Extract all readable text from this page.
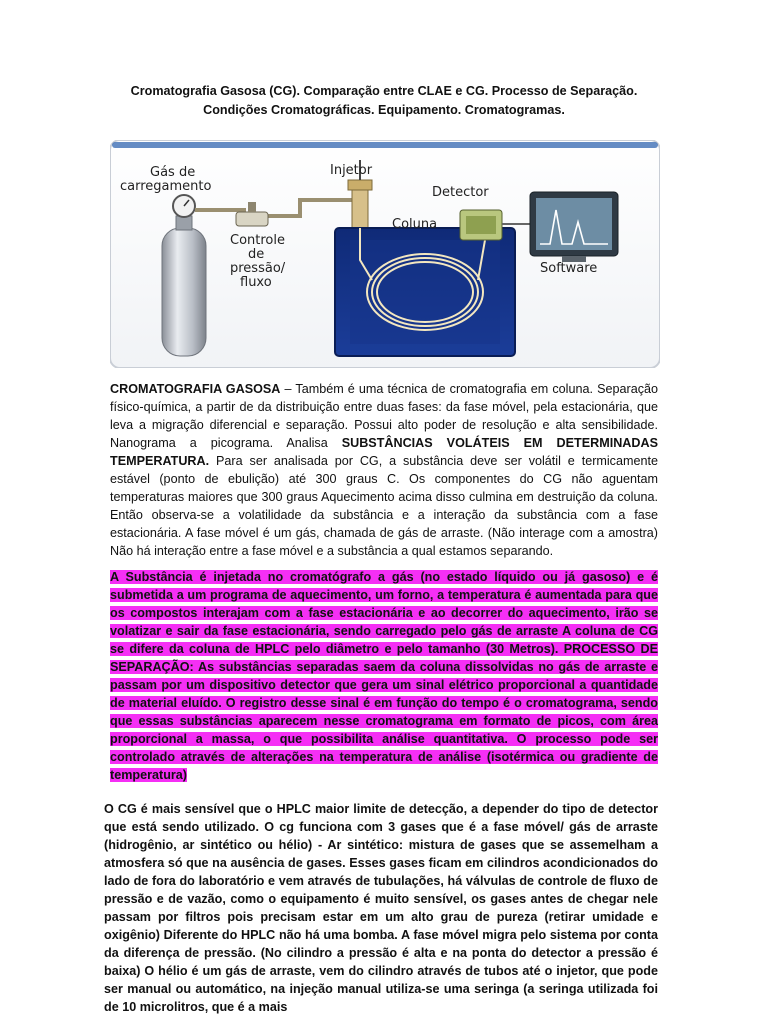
Cromatografia Gasosa (CG). Comparação entre CLAE e CG. Processo de Separação. Condições Cromatográficas. Equipamento. Cromatogramas.
Gás de
carregamento
Injetor
Detector
Coluna
Controle
de
pressão/
fluxo
Software

CROMATOGRAFIA GASOSA – Também é uma técnica de cromatografia em coluna. Separação físico-química, a partir de da distribuição entre duas fases: da fase móvel, pela estacionária, que leva a migração diferencial e separação. Possui alto poder de resolução e alta sensibilidade. Nanograma a picograma. Analisa SUBSTÂNCIAS VOLÁTEIS EM DETERMINADAS TEMPERATURA. Para ser analisada por CG, a substância deve ser volátil e termicamente estável (ponto de ebulição) até 300 graus C. Os componentes do CG não aguentam temperaturas maiores que 300 graus Aquecimento acima disso culmina em destruição da coluna. Então observa-se a volatilidade da substância e a interação da substância com a fase estacionária. A fase móvel é um gás, chamada de gás de arraste. (Não interage com a amostra) Não há interação entre a fase móvel e a substância a qual estamos separando.

A Substância é injetada no cromatógrafo a gás (no estado líquido ou já gasoso) e é submetida a um programa de aquecimento, um forno, a temperatura é aumentada para que os compostos interajam com a fase estacionária e ao decorrer do aquecimento, irão se volatizar e sair da fase estacionária, sendo carregado pelo gás de arraste A coluna de CG se difere da coluna de HPLC pelo diâmetro e pelo tamanho (30 Metros). PROCESSO DE SEPARAÇÃO: As substâncias separadas saem da coluna dissolvidas no gás de arraste e passam por um dispositivo detector que gera um sinal elétrico proporcional a quantidade de material eluído. O registro desse sinal é em função do tempo é o cromatograma, sendo que essas substâncias aparecem nesse cromatograma em formato de picos, com área proporcional a massa, o que possibilita análise quantitativa. O processo pode ser controlado através de alterações na temperatura de análise (isotérmica ou gradiente de temperatura)

O CG é mais sensível que o HPLC maior limite de detecção, a depender do tipo de detector que está sendo utilizado. O cg funciona com 3 gases que é a fase móvel/ gás de arraste (hidrogênio, ar sintético ou hélio) - Ar sintético: mistura de gases que se assemelham a atmosfera só que na ausência de gases. Esses gases ficam em cilindros acondicionados do lado de fora do laboratório e vem através de tubulações, há válvulas de controle de fluxo de pressão e de vazão, como o equipamento é muito sensível, os gases antes de chegar nele passam por filtros pois precisam estar em um alto grau de pureza (retirar umidade e oxigênio) Diferente do HPLC não há uma bomba. A fase móvel migra pelo sistema por conta da diferença de pressão. (No cilindro a pressão é alta e na ponta do detector a pressão é baixa) O hélio é um gás de arraste, vem do cilindro através de tubos até o injetor, que pode ser manual ou automático, na injeção manual utiliza-se uma seringa (a seringa utilizada foi de 10 microlitros, que é a mais
